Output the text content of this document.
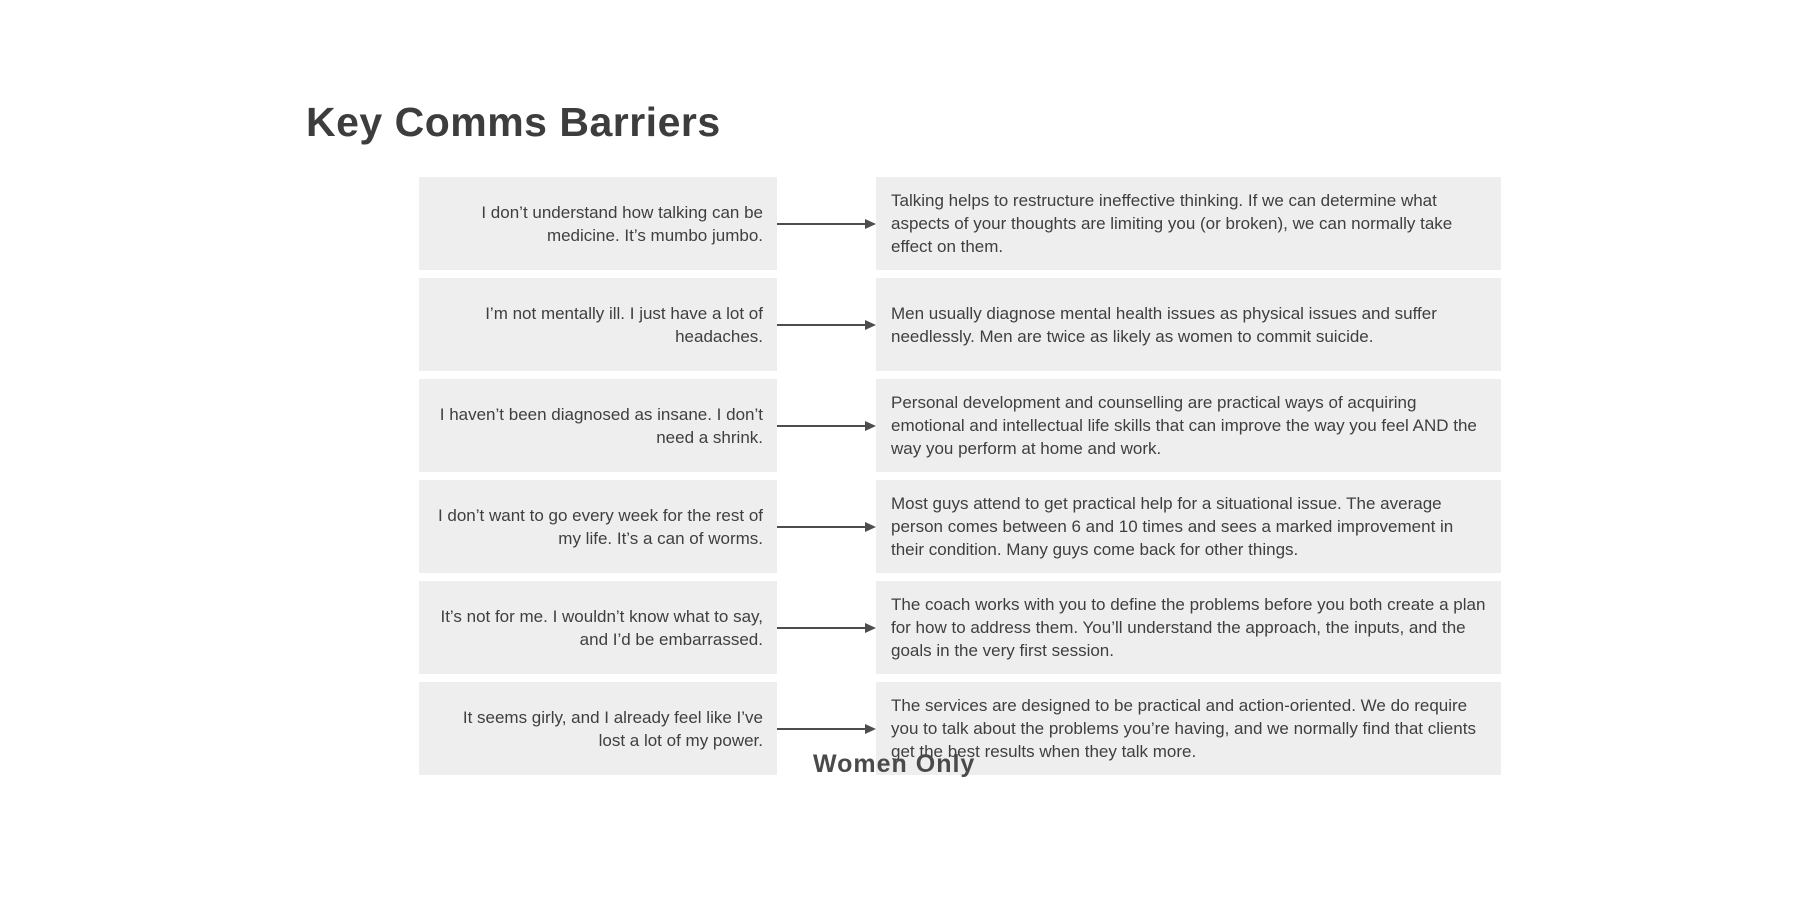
Key Comms Barriers
I don’t understand how talking can be medicine. It’s mumbo jumbo.
Talking helps to restructure ineffective thinking. If we can determine what aspects of your thoughts are limiting you (or broken), we can normally take effect on them.
I’m not mentally ill. I just have a lot of headaches.
Men usually diagnose mental health issues as physical issues and suffer needlessly. Men are twice as likely as women to commit suicide.
I haven’t been diagnosed as insane. I don’t need a shrink.
Personal development and counselling are practical ways of acquiring emotional and intellectual life skills that can improve the way you feel AND the way you perform at home and work.
I don’t want to go every week for the rest of my life. It’s a can of worms.
Most guys attend to get practical help for a situational issue. The average person comes between 6 and 10 times and sees a marked improvement in their condition. Many guys come back for other things.
It’s not for me. I wouldn’t know what to say, and I’d be embarrassed.
The coach works with you to define the problems before you both create a plan for how to address them. You’ll understand the approach, the inputs, and the goals in the very first session.
It seems girly, and I already feel like I’ve lost a lot of my power.
The services are designed to be practical and action-oriented. We do require you to talk about the problems you’re having, and we normally find that clients get the best results when they talk more.
Women Only
